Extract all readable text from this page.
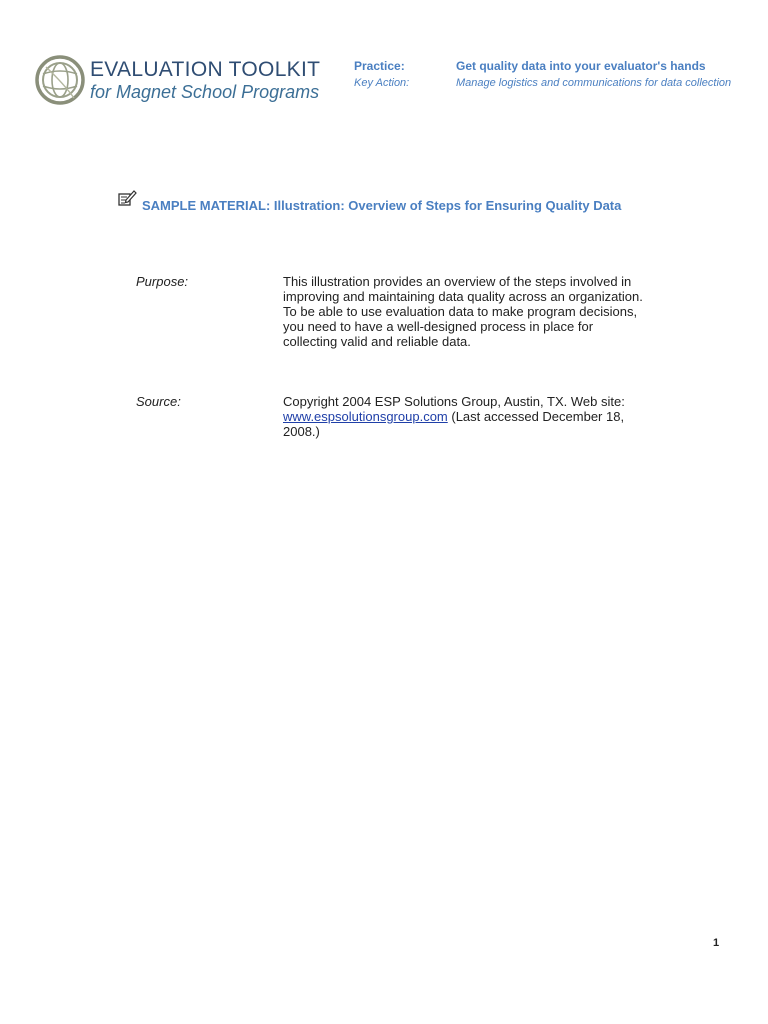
EVALUATION TOOLKIT
for Magnet School Programs
Practice:	Get quality data into your evaluator's hands
Key Action:	Manage logistics and communications for data collection
SAMPLE MATERIAL: Illustration: Overview of Steps for Ensuring Quality Data
Purpose:	This illustration provides an overview of the steps involved in improving and maintaining data quality across an organization. To be able to use evaluation data to make program decisions, you need to have a well-designed process in place for collecting valid and reliable data.
Source:	Copyright 2004 ESP Solutions Group, Austin, TX. Web site: www.espsolutionsgroup.com (Last accessed December 18, 2008.)
1
